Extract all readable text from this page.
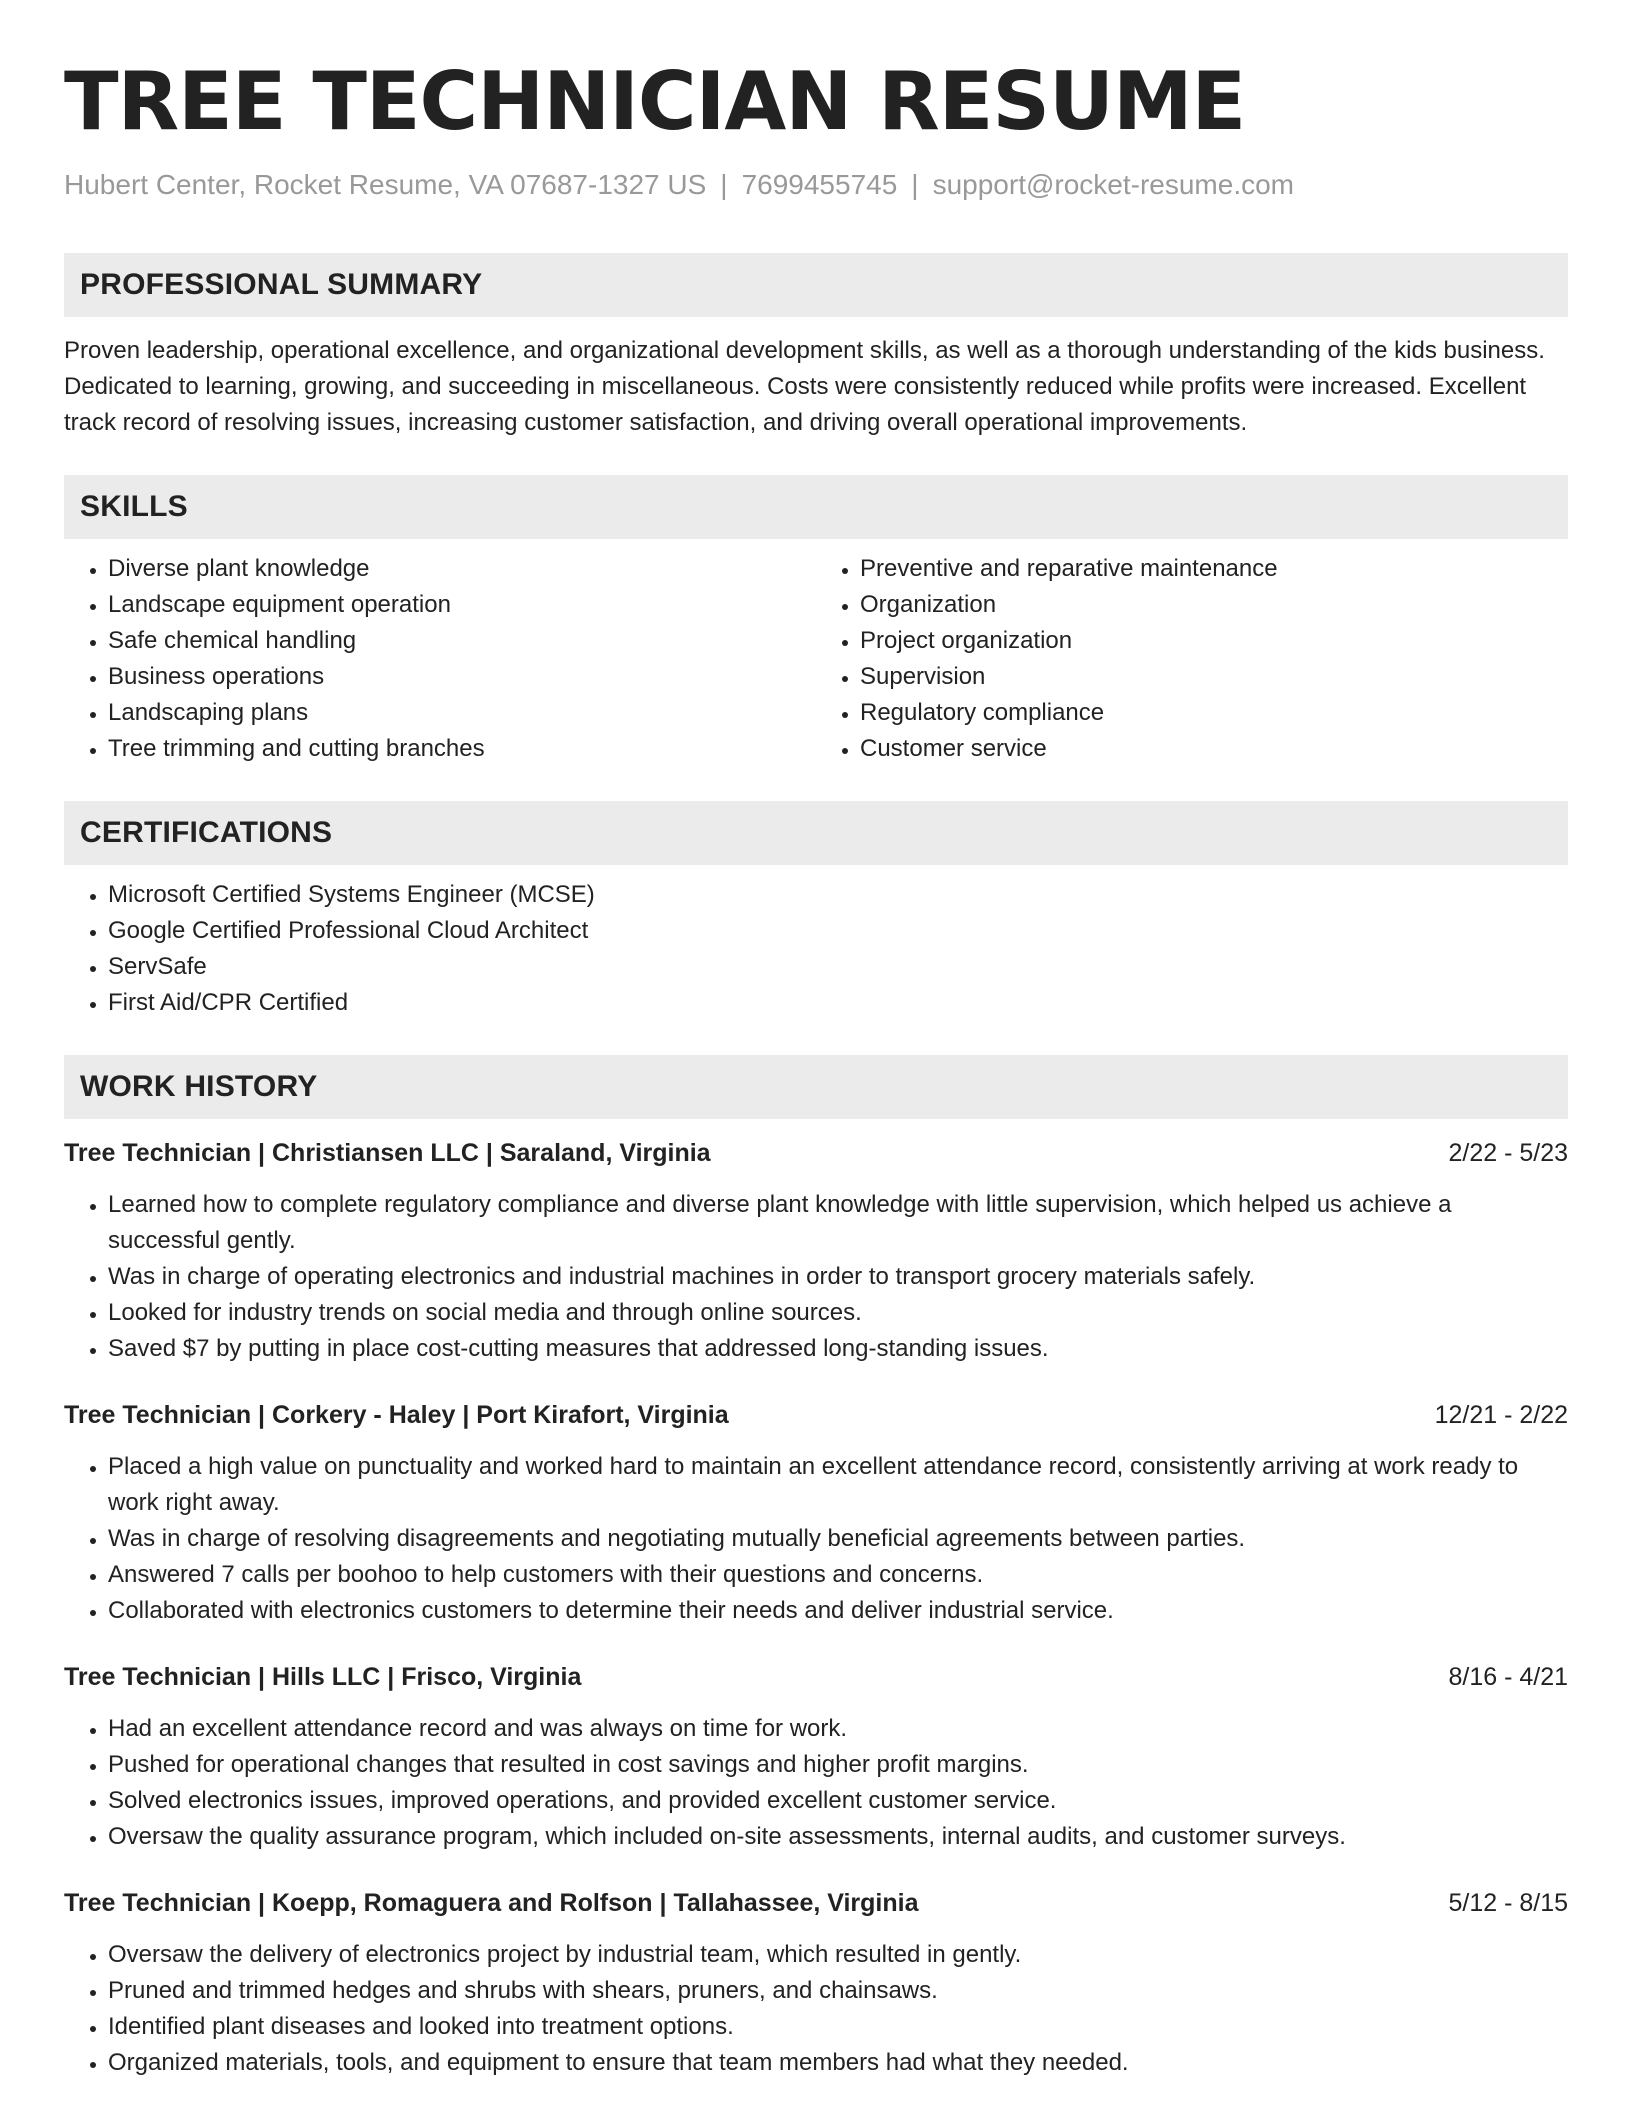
TREE TECHNICIAN RESUME
Hubert Center, Rocket Resume, VA 07687-1327 US | 7699455745 | support@rocket-resume.com
PROFESSIONAL SUMMARY

Proven leadership, operational excellence, and organizational development skills, as well as a thorough understanding of the kids business. Dedicated to learning, growing, and succeeding in miscellaneous. Costs were consistently reduced while profits were increased. Excellent track record of resolving issues, increasing customer satisfaction, and driving overall operational improvements.

SKILLS
• Diverse plant knowledge
• Landscape equipment operation
• Safe chemical handling
• Business operations
• Landscaping plans
• Tree trimming and cutting branches
• Preventive and reparative maintenance
• Organization
• Project organization
• Supervision
• Regulatory compliance
• Customer service
CERTIFICATIONS
• Microsoft Certified Systems Engineer (MCSE)
• Google Certified Professional Cloud Architect
• ServSafe
• First Aid/CPR Certified
WORK HISTORY
Tree Technician | Christiansen LLC | Saraland, Virginia	2/22 - 5/23
• Learned how to complete regulatory compliance and diverse plant knowledge with little supervision, which helped us achieve a successful gently.
• Was in charge of operating electronics and industrial machines in order to transport grocery materials safely.
• Looked for industry trends on social media and through online sources.
• Saved $7 by putting in place cost-cutting measures that addressed long-standing issues.
Tree Technician | Corkery - Haley | Port Kirafort, Virginia	12/21 - 2/22
• Placed a high value on punctuality and worked hard to maintain an excellent attendance record, consistently arriving at work ready to work right away.
• Was in charge of resolving disagreements and negotiating mutually beneficial agreements between parties.
• Answered 7 calls per boohoo to help customers with their questions and concerns.
• Collaborated with electronics customers to determine their needs and deliver industrial service.
Tree Technician | Hills LLC | Frisco, Virginia	8/16 - 4/21
• Had an excellent attendance record and was always on time for work.
• Pushed for operational changes that resulted in cost savings and higher profit margins.
• Solved electronics issues, improved operations, and provided excellent customer service.
• Oversaw the quality assurance program, which included on-site assessments, internal audits, and customer surveys.
Tree Technician | Koepp, Romaguera and Rolfson | Tallahassee, Virginia	5/12 - 8/15
• Oversaw the delivery of electronics project by industrial team, which resulted in gently.
• Pruned and trimmed hedges and shrubs with shears, pruners, and chainsaws.
• Identified plant diseases and looked into treatment options.
• Organized materials, tools, and equipment to ensure that team members had what they needed.
